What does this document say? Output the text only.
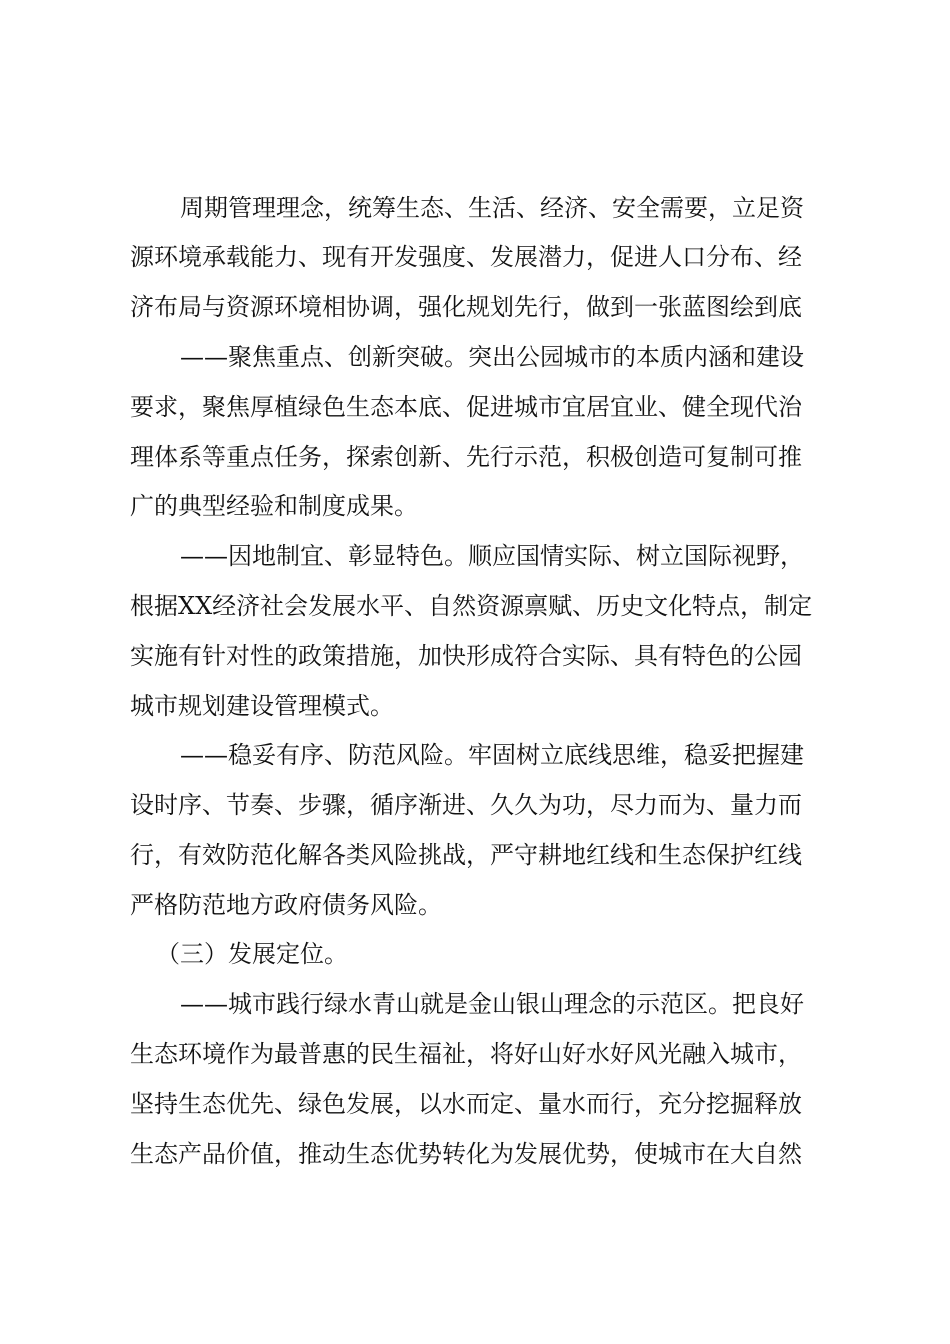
周期管理理念，统筹生态、生活、经济、安全需要，立足资
源环境承载能力、现有开发强度、发展潜力，促进人口分布、经
济布局与资源环境相协调，强化规划先行，做到一张蓝图绘到底
——聚焦重点、创新突破。突出公园城市的本质内涵和建设
要求，聚焦厚植绿色生态本底、促进城市宜居宜业、健全现代治
理体系等重点任务，探索创新、先行示范，积极创造可复制可推
广的典型经验和制度成果。
——因地制宜、彰显特色。顺应国情实际、树立国际视野，
根据XX经济社会发展水平、自然资源禀赋、历史文化特点，制定
实施有针对性的政策措施，加快形成符合实际、具有特色的公园
城市规划建设管理模式。
——稳妥有序、防范风险。牢固树立底线思维，稳妥把握建
设时序、节奏、步骤，循序渐进、久久为功，尽力而为、量力而
行，有效防范化解各类风险挑战，严守耕地红线和生态保护红线
严格防范地方政府债务风险。
（三）发展定位。
——城市践行绿水青山就是金山银山理念的示范区。把良好
生态环境作为最普惠的民生福祉，将好山好水好风光融入城市，
坚持生态优先、绿色发展，以水而定、量水而行，充分挖掘释放
生态产品价值，推动生态优势转化为发展优势，使城市在大自然
